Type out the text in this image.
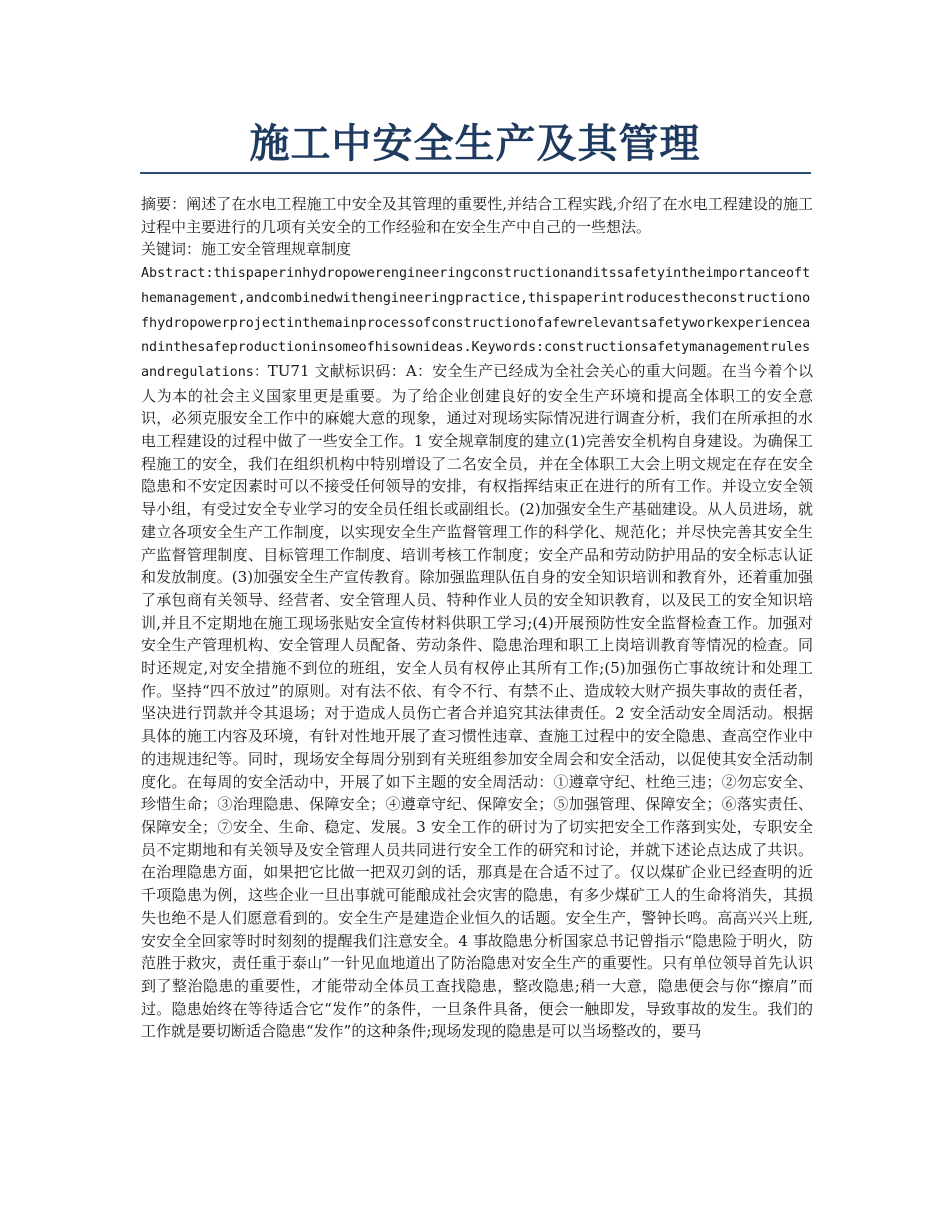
施工中安全生产及其管理

摘要：阐述了在水电工程施工中安全及其管理的重要性,并结合工程实践,介绍了在水电工程建设的施工过程中主要进行的几项有关安全的工作经验和在安全生产中自己的一些想法。

关键词：施工安全管理规章制度

Abstract:thispaperinhydropowerengineeringconstructionanditssafetyintheimportanceofthemanagement,andcombinedwithengineeringpractice,thispaperintroducestheconstructionofhydropowerprojectinthemainprocessofconstructionofafewrelevantsafetyworkexperienceandinthesafeproductioninsomeofhisownideas.Keywords:constructionsafetymanagementrulesandregulations：TU71 文献标识码：A：安全生产已经成为全社会关心的重大问题。在当今着个以人为本的社会主义国家里更是重要。为了给企业创建良好的安全生产环境和提高全体职工的安全意识，必须克服安全工作中的麻媲大意的现象，通过对现场实际情况进行调查分析，我们在所承担的水电工程建设的过程中做了一些安全工作。1 安全规章制度的建立(1)完善安全机构自身建设。为确保工程施工的安全，我们在组织机构中特别增设了二名安全员，并在全体职工大会上明文规定在存在安全隐患和不安定因素时可以不接受任何领导的安排，有权指挥结束正在进行的所有工作。并设立安全领导小组，有受过安全专业学习的安全员任组长或副组长。(2)加强安全生产基础建设。从人员进场，就建立各项安全生产工作制度，以实现安全生产监督管理工作的科学化、规范化；并尽快完善其安全生产监督管理制度、目标管理工作制度、培训考核工作制度；安全产品和劳动防护用品的安全标志认证和发放制度。(3)加强安全生产宣传教育。除加强监理队伍自身的安全知识培训和教育外，还着重加强了承包商有关领导、经营者、安全管理人员、特种作业人员的安全知识教育，以及民工的安全知识培训,并且不定期地在施工现场张贴安全宣传材料供职工学习;(4)开展预防性安全监督检查工作。加强对安全生产管理机构、安全管理人员配备、劳动条件、隐患治理和职工上岗培训教育等情况的检查。同时还规定,对安全措施不到位的班组，安全人员有权停止其所有工作;(5)加强伤亡事故统计和处理工作。坚持“四不放过”的原则。对有法不依、有令不行、有禁不止、造成较大财产损失事故的责任者，坚决进行罚款并令其退场；对于造成人员伤亡者合并追究其法律责任。2 安全活动安全周活动。根据具体的施工内容及环境，有针对性地开展了查习惯性违章、查施工过程中的安全隐患、查高空作业中的违规违纪等。同时，现场安全每周分别到有关班组参加安全周会和安全活动，以促使其安全活动制度化。在每周的安全活动中，开展了如下主题的安全周活动：①遵章守纪、杜绝三违；②勿忘安全、珍惜生命；③治理隐患、保障安全；④遵章守纪、保障安全；⑤加强管理、保障安全；⑥落实责任、保障安全；⑦安全、生命、稳定、发展。3 安全工作的研讨为了切实把安全工作落到实处，专职安全员不定期地和有关领导及安全管理人员共同进行安全工作的研究和讨论，并就下述论点达成了共识。在治理隐患方面，如果把它比做一把双刃剑的话，那真是在合适不过了。仅以煤矿企业已经查明的近千项隐患为例，这些企业一旦出事就可能酿成社会灾害的隐患，有多少煤矿工人的生命将消失，其损失也绝不是人们愿意看到的。安全生产是建造企业恒久的话题。安全生产，警钟长鸣。高高兴兴上班,安安全全回家等时时刻刻的提醒我们注意安全。4 事故隐患分析国家总书记曾指示“隐患险于明火，防范胜于救灾，责任重于泰山”一针见血地道出了防治隐患对安全生产的重要性。只有单位领导首先认识到了整治隐患的重要性，才能带动全体员工查找隐患，整改隐患;稍一大意，隐患便会与你“擦肩”而过。隐患始终在等待适合它“发作”的条件，一旦条件具备，便会一触即发，导致事故的发生。我们的工作就是要切断适合隐患“发作”的这种条件;现场发现的隐患是可以当场整改的，要马
